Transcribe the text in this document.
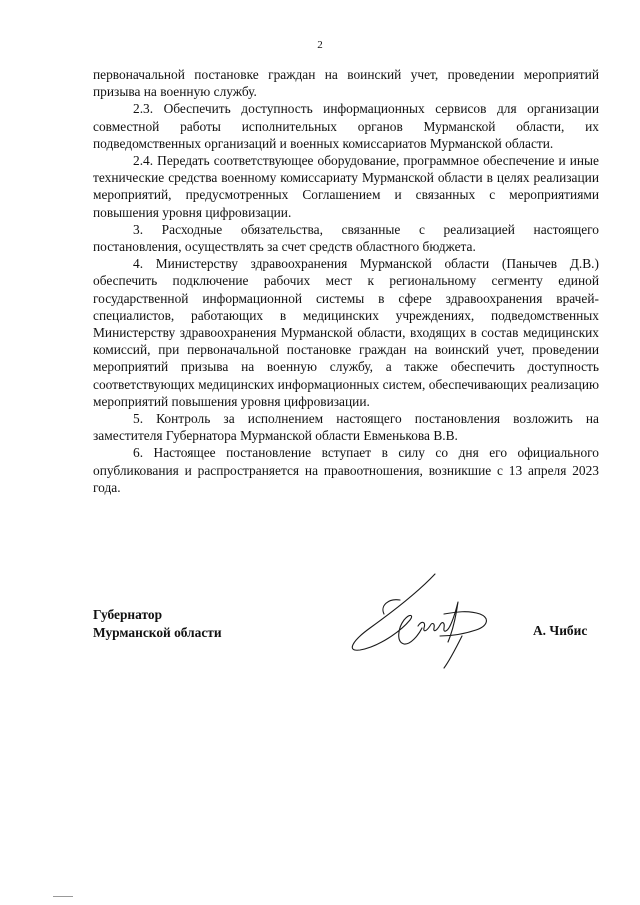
2

первоначальной постановке граждан на воинский учет, проведении мероприятий призыва на военную службу.

2.3. Обеспечить доступность информационных сервисов для организации совместной работы исполнительных органов Мурманской области, их подведомственных организаций и военных комиссариатов Мурманской области.

2.4. Передать соответствующее оборудование, программное обеспечение и иные технические средства военному комиссариату Мурманской области в целях реализации мероприятий, предусмотренных Соглашением и связанных с мероприятиями повышения уровня цифровизации.

3. Расходные обязательства, связанные с реализацией настоящего постановления, осуществлять за счет средств областного бюджета.

4. Министерству здравоохранения Мурманской области (Панычев Д.В.) обеспечить подключение рабочих мест к региональному сегменту единой государственной информационной системы в сфере здравоохранения врачей-специалистов, работающих в медицинских учреждениях, подведомственных Министерству здравоохранения Мурманской области, входящих в состав медицинских комиссий, при первоначальной постановке граждан на воинский учет, проведении мероприятий призыва на военную службу, а также обеспечить доступность соответствующих медицинских информационных систем, обеспечивающих реализацию мероприятий повышения уровня цифровизации.

5. Контроль за исполнением настоящего постановления возложить на заместителя Губернатора Мурманской области Евменькова В.В.

6. Настоящее постановление вступает в силу со дня его официального опубликования и распространяется на правоотношения, возникшие с 13 апреля 2023 года.

Губернатор
Мурманской области	А. Чибис
